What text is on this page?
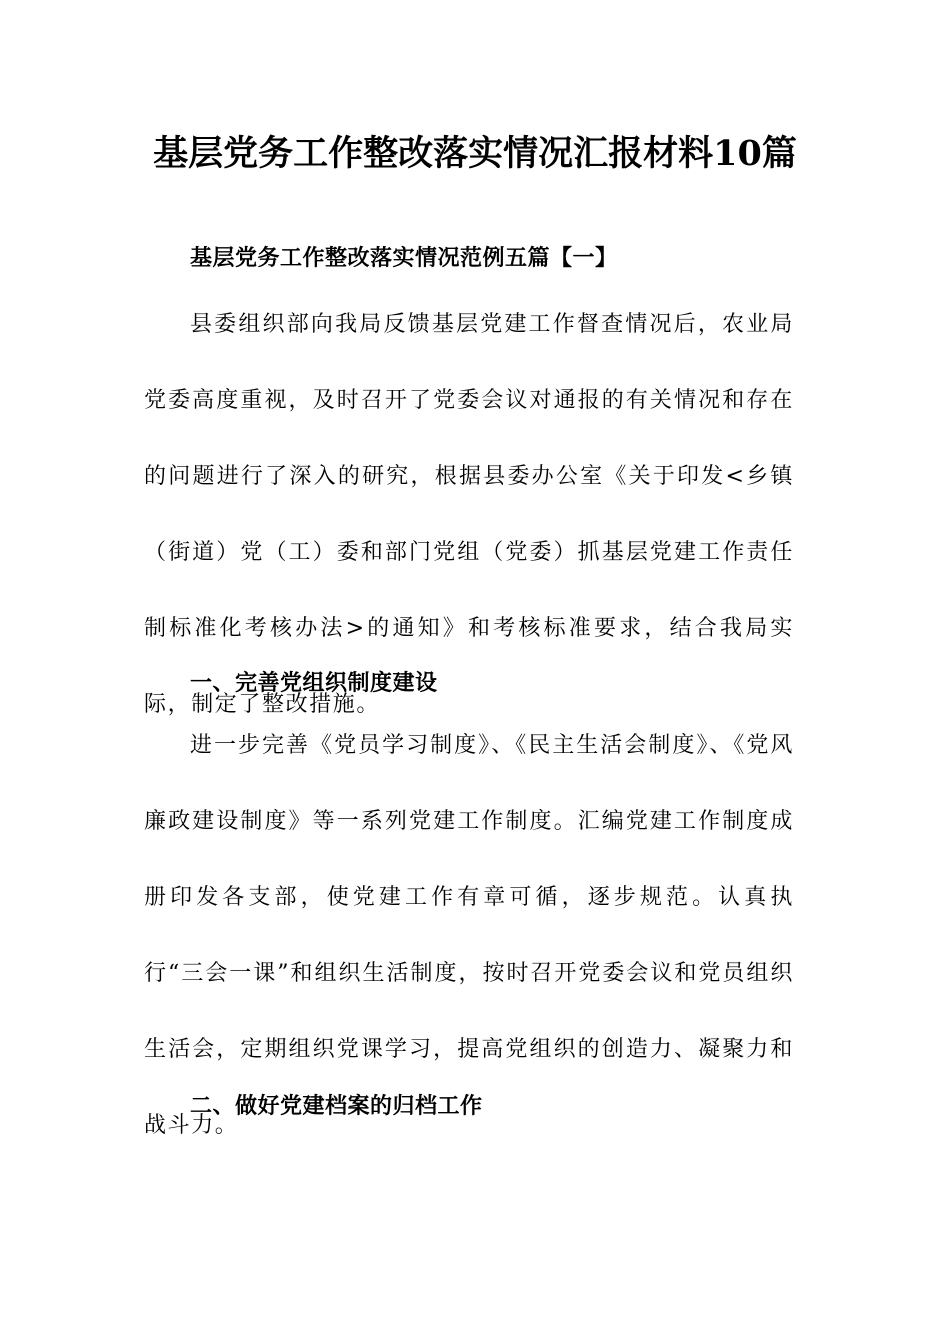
基层党务工作整改落实情况汇报材料10篇
基层党务工作整改落实情况范例五篇【一】

县委组织部向我局反馈基层党建工作督查情况后，农业局党委高度重视，及时召开了党委会议对通报的有关情况和存在的问题进行了深入的研究，根据县委办公室《关于印发<乡镇（街道）党（工）委和部门党组（党委）抓基层党建工作责任制标准化考核办法>的通知》和考核标准要求，结合我局实际，制定了整改措施。

一、完善党组织制度建设

进一步完善《党员学习制度》、《民主生活会制度》、《党风廉政建设制度》等一系列党建工作制度。汇编党建工作制度成册印发各支部，使党建工作有章可循，逐步规范。认真执行“三会一课”和组织生活制度，按时召开党委会议和党员组织生活会，定期组织党课学习，提高党组织的创造力、凝聚力和战斗力。

二、做好党建档案的归档工作
